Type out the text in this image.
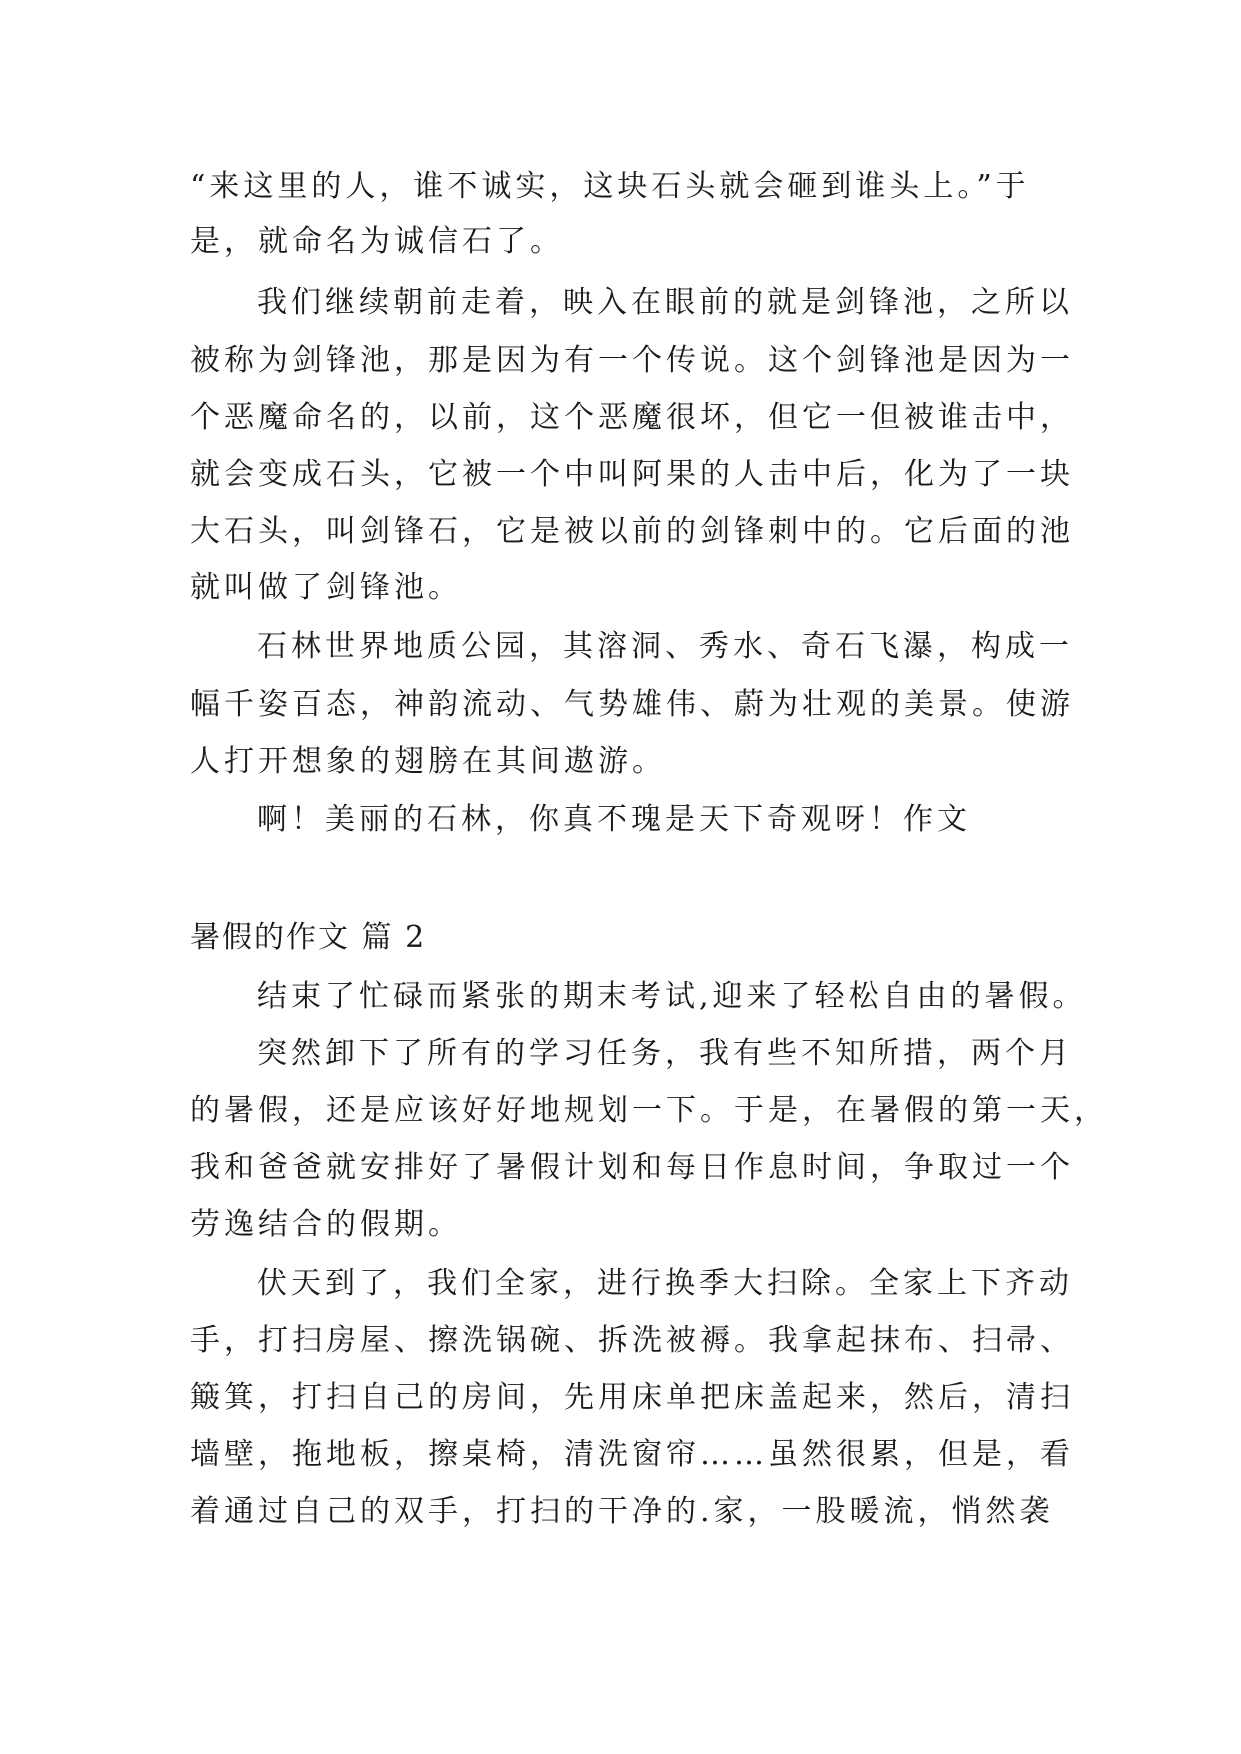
“来这里的人，谁不诚实，这块石头就会砸到谁头上。”于
是，就命名为诚信石了。
我们继续朝前走着，映入在眼前的就是剑锋池，之所以
被称为剑锋池，那是因为有一个传说。这个剑锋池是因为一
个恶魔命名的，以前，这个恶魔很坏，但它一但被谁击中，
就会变成石头，它被一个中叫阿果的人击中后，化为了一块
大石头，叫剑锋石，它是被以前的剑锋刺中的。它后面的池
就叫做了剑锋池。
石林世界地质公园，其溶洞、秀水、奇石飞瀑，构成一
幅千姿百态，神韵流动、气势雄伟、蔚为壮观的美景。使游
人打开想象的翅膀在其间遨游。
啊！美丽的石林，你真不瑰是天下奇观呀！作文
暑假的作文 篇 2
结束了忙碌而紧张的期末考试,迎来了轻松自由的暑假。
突然卸下了所有的学习任务，我有些不知所措，两个月
的暑假，还是应该好好地规划一下。于是，在暑假的第一天，
我和爸爸就安排好了暑假计划和每日作息时间，争取过一个
劳逸结合的假期。
伏天到了，我们全家，进行换季大扫除。全家上下齐动
手，打扫房屋、擦洗锅碗、拆洗被褥。我拿起抹布、扫帚、
簸箕，打扫自己的房间，先用床单把床盖起来，然后，清扫
墙壁，拖地板，擦桌椅，清洗窗帘……虽然很累，但是，看
着通过自己的双手，打扫的干净的.家，一股暖流，悄然袭
